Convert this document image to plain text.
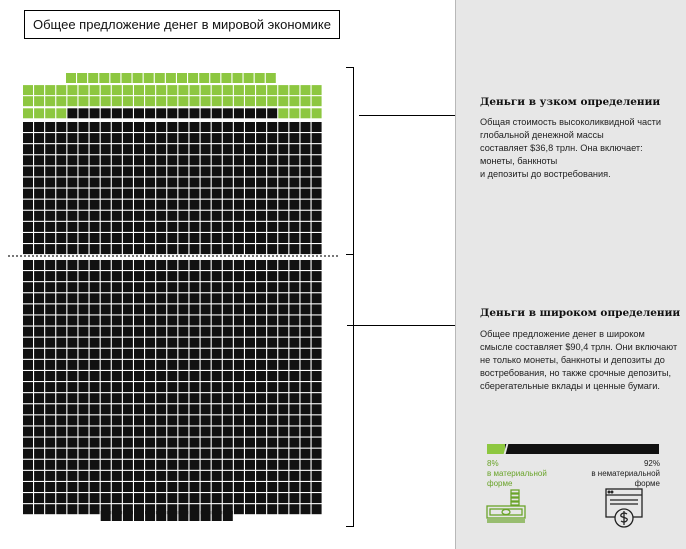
Общее предложение денег в мировой экономике
Деньги в узком определении
Общая стоимость высоколиквидной части
глобальной денежной массы
составляет $36,8 трлн. Она включает:
монеты, банкноты
и депозиты до востребования.
Деньги в широком определении
Общее предложение денег в широком
смысле составляет $90,4 трлн. Они включают
не только монеты, банкноты и депозиты до
востребования, но также срочные депозиты,
сберегательные вклады и ценные бумаги.
8%
в материальной
форме
92%
в нематериальной
форме
